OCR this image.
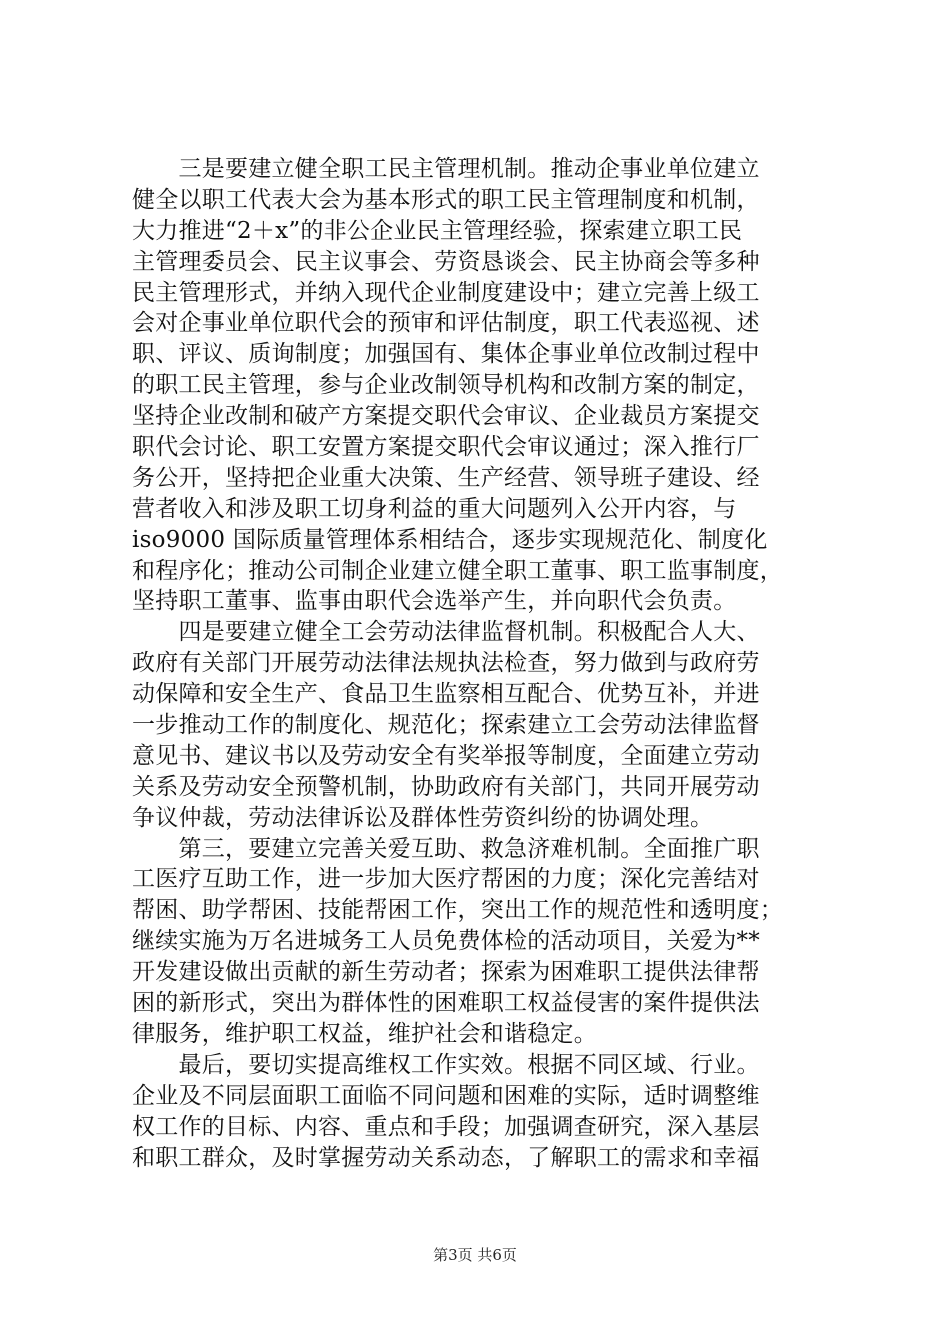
　　三是要建立健全职工民主管理机制。推动企事业单位建立
健全以职工代表大会为基本形式的职工民主管理制度和机制，
大力推进“2＋x”的非公企业民主管理经验，探索建立职工民
主管理委员会、民主议事会、劳资恳谈会、民主协商会等多种
民主管理形式，并纳入现代企业制度建设中；建立完善上级工
会对企事业单位职代会的预审和评估制度，职工代表巡视、述
职、评议、质询制度；加强国有、集体企事业单位改制过程中
的职工民主管理，参与企业改制领导机构和改制方案的制定，
坚持企业改制和破产方案提交职代会审议、企业裁员方案提交
职代会讨论、职工安置方案提交职代会审议通过；深入推行厂
务公开，坚持把企业重大决策、生产经营、领导班子建设、经
营者收入和涉及职工切身利益的重大问题列入公开内容，与
iso9000 国际质量管理体系相结合，逐步实现规范化、制度化
和程序化；推动公司制企业建立健全职工董事、职工监事制度，
坚持职工董事、监事由职代会选举产生，并向职代会负责。
　　四是要建立健全工会劳动法律监督机制。积极配合人大、
政府有关部门开展劳动法律法规执法检查，努力做到与政府劳
动保障和安全生产、食品卫生监察相互配合、优势互补，并进
一步推动工作的制度化、规范化；探索建立工会劳动法律监督
意见书、建议书以及劳动安全有奖举报等制度，全面建立劳动
关系及劳动安全预警机制，协助政府有关部门，共同开展劳动
争议仲裁，劳动法律诉讼及群体性劳资纠纷的协调处理。
　　第三，要建立完善关爱互助、救急济难机制。全面推广职
工医疗互助工作，进一步加大医疗帮困的力度；深化完善结对
帮困、助学帮困、技能帮困工作，突出工作的规范性和透明度；
继续实施为万名进城务工人员免费体检的活动项目，关爱为**
开发建设做出贡献的新生劳动者；探索为困难职工提供法律帮
困的新形式，突出为群体性的困难职工权益侵害的案件提供法
律服务，维护职工权益，维护社会和谐稳定。
　　最后，要切实提高维权工作实效。根据不同区域、行业。
企业及不同层面职工面临不同问题和困难的实际，适时调整维
权工作的目标、内容、重点和手段；加强调查研究，深入基层
和职工群众，及时掌握劳动关系动态，了解职工的需求和幸福
第3页 共6页
